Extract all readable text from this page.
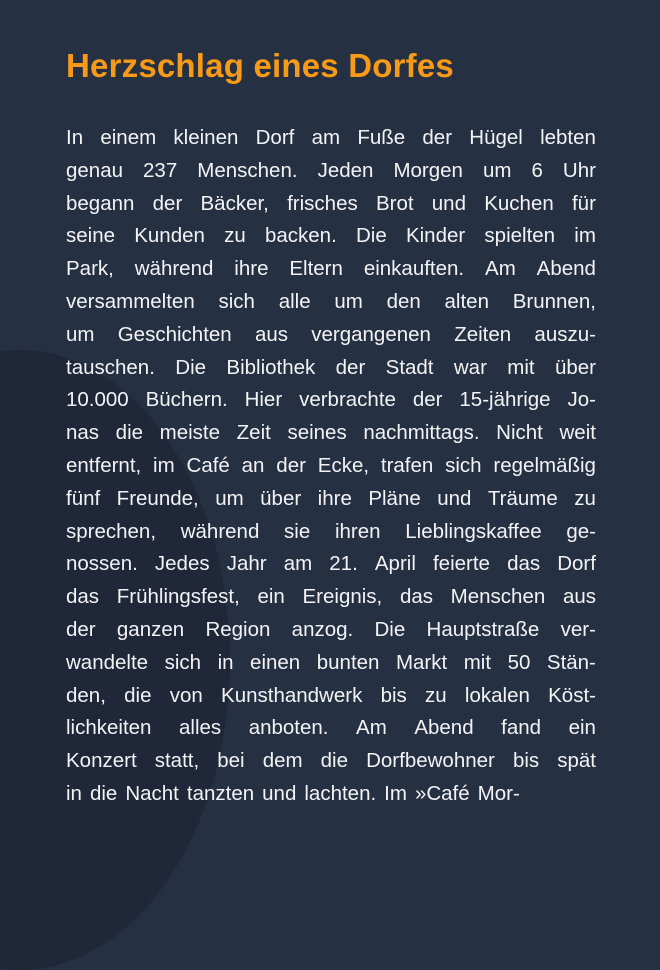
Herzschlag eines Dorfes
In einem kleinen Dorf am Fuße der Hügel lebten
genau 237 Menschen. Jeden Morgen um 6 Uhr
begann der Bäcker, frisches Brot und Kuchen für
seine Kunden zu backen. Die Kinder spielten im
Park, während ihre Eltern einkauften. Am Abend
versammelten sich alle um den alten Brunnen,
um Geschichten aus vergangenen Zeiten auszu-
tauschen. Die Bibliothek der Stadt war mit über
10.000 Büchern. Hier verbrachte der 15-jährige Jo-
nas die meiste Zeit seines nachmittags. Nicht weit
entfernt, im Café an der Ecke, trafen sich regelmäßig
fünf Freunde, um über ihre Pläne und Träume zu
sprechen, während sie ihren Lieblingskaffee ge-
nossen. Jedes Jahr am 21. April feierte das Dorf
das Frühlingsfest, ein Ereignis, das Menschen aus
der ganzen Region anzog. Die Hauptstraße ver-
wandelte sich in einen bunten Markt mit 50 Stän-
den, die von Kunsthandwerk bis zu lokalen Köst-
lichkeiten alles anboten. Am Abend fand ein
Konzert statt, bei dem die Dorfbewohner bis spät
in die Nacht tanzten und lachten. Im »Café Mor-
